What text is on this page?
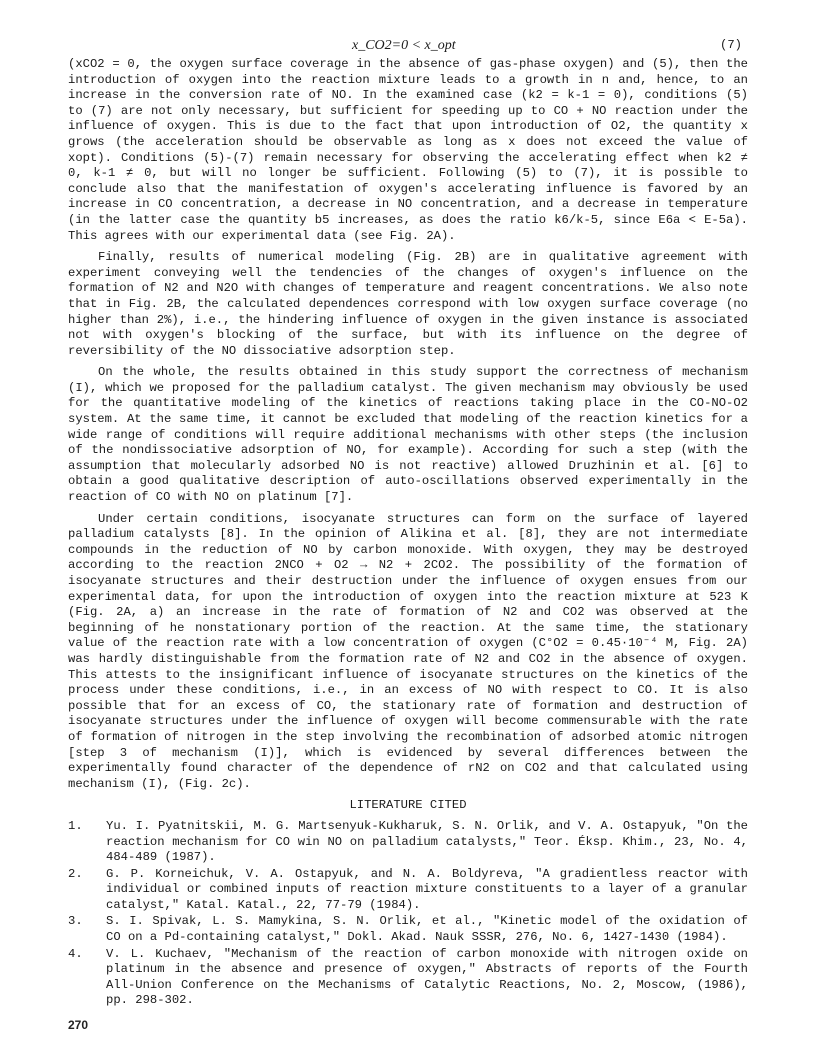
x_CO2=0 < x_opt	(7)

(xCO2 = 0, the oxygen surface coverage in the absence of gas-phase oxygen) and (5), then the introduction of oxygen into the reaction mixture leads to a growth in n and, hence, to an increase in the conversion rate of NO. In the examined case (k2 = k-1 = 0), conditions (5) to (7) are not only necessary, but sufficient for speeding up to CO + NO reaction under the influence of oxygen. This is due to the fact that upon introduction of O2, the quantity x grows (the acceleration should be observable as long as x does not exceed the value of xopt). Conditions (5)-(7) remain necessary for observing the accelerating effect when k2 ≠ 0, k-1 ≠ 0, but will no longer be sufficient. Following (5) to (7), it is possible to conclude also that the manifestation of oxygen's accelerating influence is favored by an increase in CO concentration, a decrease in NO concentration, and a decrease in temperature (in the latter case the quantity b5 increases, as does the ratio k6/k-5, since E6a < E-5a). This agrees with our experimental data (see Fig. 2A).

Finally, results of numerical modeling (Fig. 2B) are in qualitative agreement with experiment conveying well the tendencies of the changes of oxygen's influence on the formation of N2 and N2O with changes of temperature and reagent concentrations. We also note that in Fig. 2B, the calculated dependences correspond with low oxygen surface coverage (no higher than 2%), i.e., the hindering influence of oxygen in the given instance is associated not with oxygen's blocking of the surface, but with its influence on the degree of reversibility of the NO dissociative adsorption step.

On the whole, the results obtained in this study support the correctness of mechanism (I), which we proposed for the palladium catalyst. The given mechanism may obviously be used for the quantitative modeling of the kinetics of reactions taking place in the CO-NO-O2 system. At the same time, it cannot be excluded that modeling of the reaction kinetics for a wide range of conditions will require additional mechanisms with other steps (the inclusion of the nondissociative adsorption of NO, for example). According for such a step (with the assumption that molecularly adsorbed NO is not reactive) allowed Druzhinin et al. [6] to obtain a good qualitative description of auto-oscillations observed experimentally in the reaction of CO with NO on platinum [7].

Under certain conditions, isocyanate structures can form on the surface of layered palladium catalysts [8]. In the opinion of Alikina et al. [8], they are not intermediate compounds in the reduction of NO by carbon monoxide. With oxygen, they may be destroyed according to the reaction 2NCO + O2 → N2 + 2CO2. The possibility of the formation of isocyanate structures and their destruction under the influence of oxygen ensues from our experimental data, for upon the introduction of oxygen into the reaction mixture at 523 K (Fig. 2A, a) an increase in the rate of formation of N2 and CO2 was observed at the beginning of he nonstationary portion of the reaction. At the same time, the stationary value of the reaction rate with a low concentration of oxygen (C°O2 = 0.45·10⁻⁴ M, Fig. 2A) was hardly distinguishable from the formation rate of N2 and CO2 in the absence of oxygen. This attests to the insignificant influence of isocyanate structures on the kinetics of the process under these conditions, i.e., in an excess of NO with respect to CO. It is also possible that for an excess of CO, the stationary rate of formation and destruction of isocyanate structures under the influence of oxygen will become commensurable with the rate of formation of nitrogen in the step involving the recombination of adsorbed atomic nitrogen [step 3 of mechanism (I)], which is evidenced by several differences between the experimentally found character of the dependence of rN2 on CO2 and that calculated using mechanism (I), (Fig. 2c).

LITERATURE CITED
1. Yu. I. Pyatnitskii, M. G. Martsenyuk-Kukharuk, S. N. Orlik, and V. A. Ostapyuk, "On the reaction mechanism for CO win NO on palladium catalysts," Teor. Éksp. Khim., 23, No. 4, 484-489 (1987).
2. G. P. Korneichuk, V. A. Ostapyuk, and N. A. Boldyreva, "A gradientless reactor with individual or combined inputs of reaction mixture constituents to a layer of a granular catalyst," Katal. Katal., 22, 77-79 (1984).
3. S. I. Spivak, L. S. Mamykina, S. N. Orlik, et al., "Kinetic model of the oxidation of CO on a Pd-containing catalyst," Dokl. Akad. Nauk SSSR, 276, No. 6, 1427-1430 (1984).
4. V. L. Kuchaev, "Mechanism of the reaction of carbon monoxide with nitrogen oxide on platinum in the absence and presence of oxygen," Abstracts of reports of the Fourth All-Union Conference on the Mechanisms of Catalytic Reactions, No. 2, Moscow, (1986), pp. 298-302.
270
